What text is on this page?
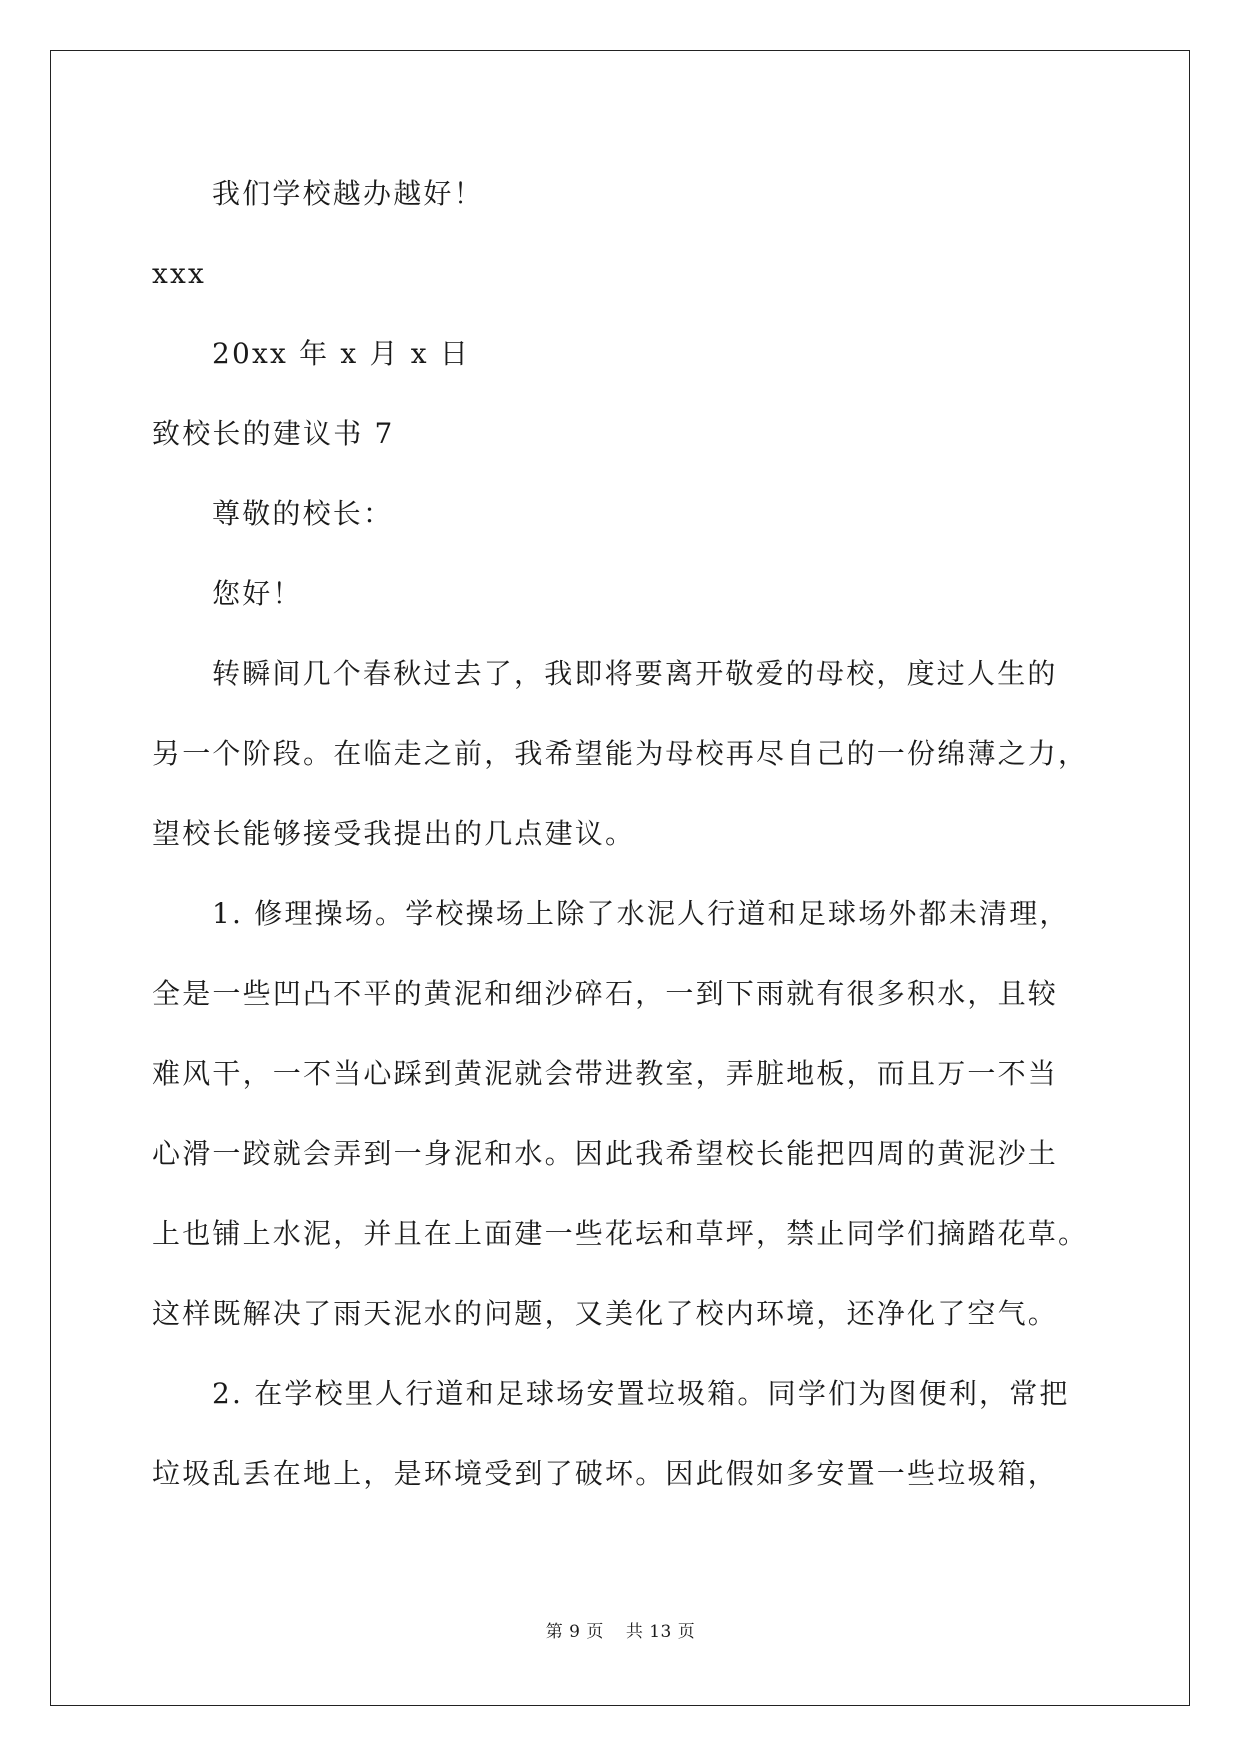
我们学校越办越好！
xxx
20xx 年 x 月 x 日
致校长的建议书 7
尊敬的校长：
您好！
转瞬间几个春秋过去了，我即将要离开敬爱的母校，度过人生的
另一个阶段。在临走之前，我希望能为母校再尽自己的一份绵薄之力，
望校长能够接受我提出的几点建议。
1. 修理操场。学校操场上除了水泥人行道和足球场外都未清理，
全是一些凹凸不平的黄泥和细沙碎石，一到下雨就有很多积水，且较
难风干，一不当心踩到黄泥就会带进教室，弄脏地板，而且万一不当
心滑一跤就会弄到一身泥和水。因此我希望校长能把四周的黄泥沙土
上也铺上水泥，并且在上面建一些花坛和草坪，禁止同学们摘踏花草。
这样既解决了雨天泥水的问题，又美化了校内环境，还净化了空气。
2. 在学校里人行道和足球场安置垃圾箱。同学们为图便利，常把
垃圾乱丢在地上，是环境受到了破坏。因此假如多安置一些垃圾箱，
第 9 页 共 13 页
